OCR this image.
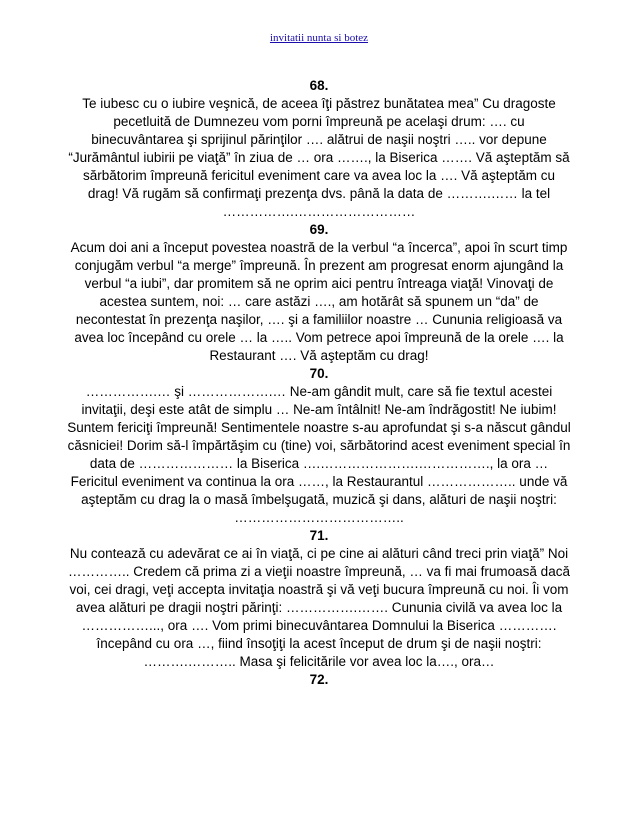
invitatii nunta si botez
68.
Te iubesc cu o iubire veşnică, de aceea îţi păstrez bunătatea mea” Cu dragoste pecetluită de Dumnezeu vom porni împreună pe acelaşi drum: …. cu binecuvântarea şi sprijinul părinţilor …. alătrui de naşii noştri ….. vor depune “Jurământul iubirii pe viaţă” în ziua de … ora ……., la Biserica ……. Vă aşteptăm să sărbătorim împreună fericitul eveniment care va avea loc la …. Vă aşteptăm cu drag! Vă rugăm să confirmaţi prezenţa dvs. până la data de ……….…… la tel …………….………………………
69.
Acum doi ani a început povestea noastră de la verbul “a încerca”, apoi în scurt timp conjugăm verbul “a merge” împreună. În prezent am progresat enorm ajungând la verbul “a iubi”, dar promitem să ne oprim aici pentru întreaga viaţă! Vinovaţi de acestea suntem, noi: … care astăzi …., am hotărât să spunem un “da” de necontestat în prezenţa naşilor, …. şi a familiilor noastre … Cununia religioasă va avea loc începând cu orele … la ….. Vom petrece apoi împreună de la orele …. la Restaurant …. Vă aşteptăm cu drag!
70.
…………….… şi ……………….… Ne-am gândit mult, care să fie textul acestei invitaţii, deşi este atât de simplu … Ne-am întâlnit! Ne-am îndrăgostit! Ne iubim! Suntem fericiţi împreună! Sentimentele noastre s-au aprofundat şi s-a născut gândul căsniciei! Dorim să-l împărtăşim cu (tine) voi, sărbătorind acest eveniment special în data de ………………… la Biserica ….………………….……………., la ora … Fericitul eveniment va continua la ora ……, la Restaurantul ……………….. unde vă aşteptăm cu drag la o masă îmbelşugată, muzică şi dans, alături de naşii noştri: ………………………………..
71.
Nu contează cu adevărat ce ai în viaţă, ci pe cine ai alături când treci prin viaţă” Noi ………….. Credem că prima zi a vieţii noastre împreună, … va fi mai frumoasă dacă voi, cei dragi, veţi accepta invitaţia noastră şi vă veţi bucura împreună cu noi. Îi vom avea alături pe dragii noştri părinţi: …………….……. Cununia civilă va avea loc la ……………..., ora …. Vom primi binecuvântarea Domnului la Biserica …………. începând cu ora …, fiind însoţiţi la acest început de drum şi de naşii noştri: ……….……….. Masa şi felicitările vor avea loc la…., ora…
72.
